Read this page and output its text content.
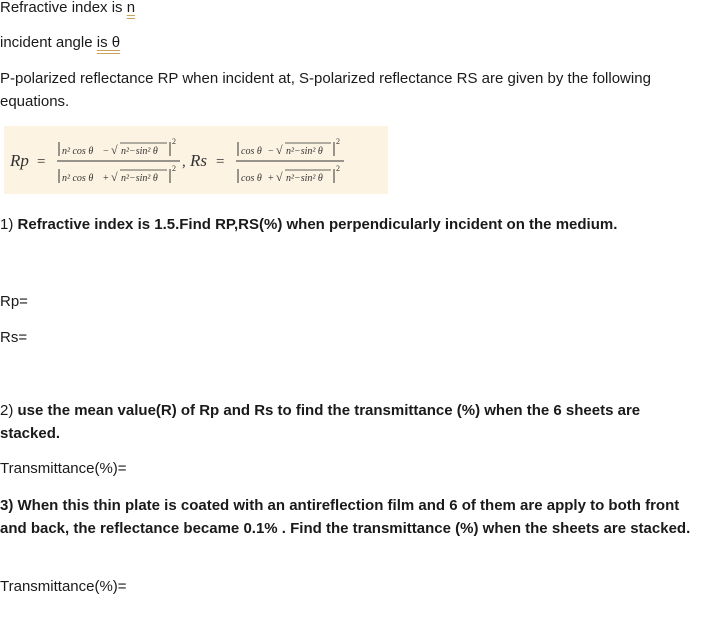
Refractive index is n
incident angle is θ
P-polarized reflectance RP when incident at, S-polarized reflectance RS are given by the following equations.
Rp =
n² cos θ − √ n²−sin² θ
2
n² cos θ + √ n²−sin² θ
2 , Rs =
cos θ − √ n²−sin² θ
2
cos θ + √ n²−sin² θ
2
1) Refractive index is 1.5.Find RP,RS(%) when perpendicularly incident on the medium.
Rp=
Rs=
2) use the mean value(R) of Rp and Rs to find the transmittance (%) when the 6 sheets are stacked.
Transmittance(%)=
3) When this thin plate is coated with an antireflection film and 6 of them are apply to both front and back, the reflectance became 0.1% . Find the transmittance (%) when the sheets are stacked.
Transmittance(%)=
